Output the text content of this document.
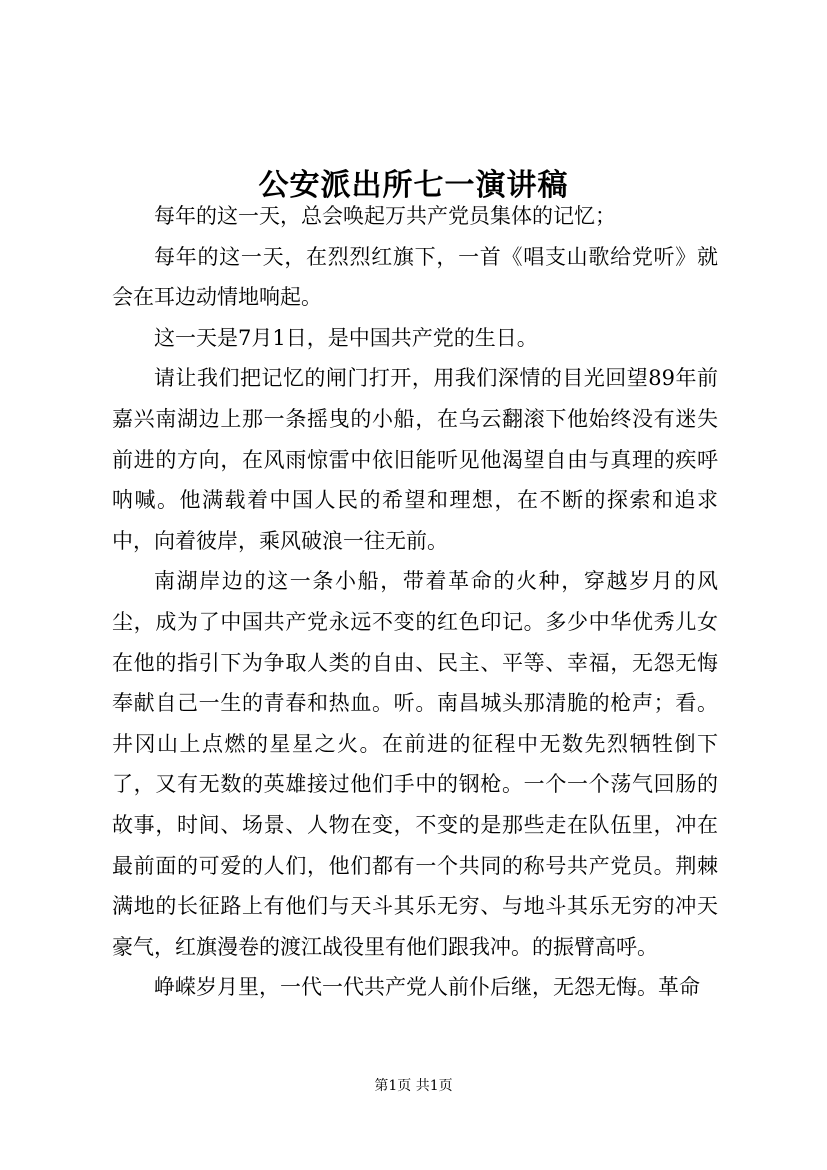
公安派出所七一演讲稿

每年的这一天，总会唤起万共产党员集体的记忆；

每年的这一天，在烈烈红旗下，一首《唱支山歌给党听》就会在耳边动情地响起。

这一天是7月1日，是中国共产党的生日。

请让我们把记忆的闸门打开，用我们深情的目光回望89年前嘉兴南湖边上那一条摇曳的小船，在乌云翻滚下他始终没有迷失前进的方向，在风雨惊雷中依旧能听见他渴望自由与真理的疾呼呐喊。他满载着中国人民的希望和理想，在不断的探索和追求中，向着彼岸，乘风破浪一往无前。

南湖岸边的这一条小船，带着革命的火种，穿越岁月的风尘，成为了中国共产党永远不变的红色印记。多少中华优秀儿女在他的指引下为争取人类的自由、民主、平等、幸福，无怨无悔奉献自己一生的青春和热血。听。南昌城头那清脆的枪声；看。井冈山上点燃的星星之火。在前进的征程中无数先烈牺牲倒下了，又有无数的英雄接过他们手中的钢枪。一个一个荡气回肠的故事，时间、场景、人物在变，不变的是那些走在队伍里，冲在最前面的可爱的人们，他们都有一个共同的称号共产党员。荆棘满地的长征路上有他们与天斗其乐无穷、与地斗其乐无穷的冲天豪气，红旗漫卷的渡江战役里有他们跟我冲。的振臂高呼。

峥嵘岁月里，一代一代共产党人前仆后继，无怨无悔。革命

第1页 共1页
